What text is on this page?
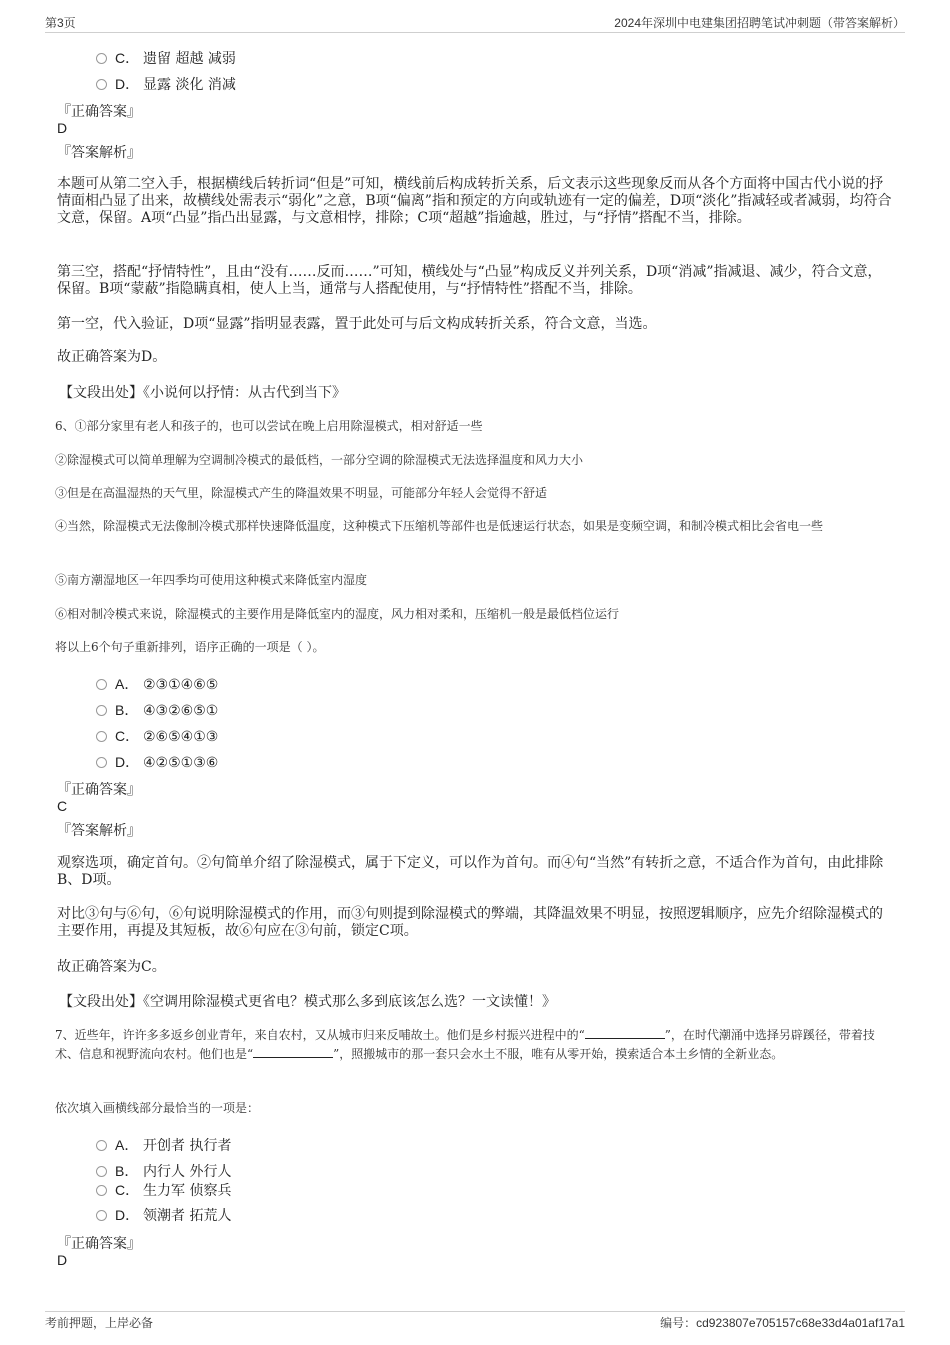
第3页	2024年深圳中电建集团招聘笔试冲刺题（带答案解析）
C． 遗留 超越 减弱
D． 显露 淡化 消减
『正确答案』
D
『答案解析』
本题可从第二空入手，根据横线后转折词“但是”可知，横线前后构成转折关系，后文表示这些现象反而从各个方面将中国古代小说的抒情面相凸显了出来，故横线处需表示“弱化”之意，B项“偏离”指和预定的方向或轨迹有一定的偏差，D项“淡化”指减轻或者减弱，均符合文意，保留。A项“凸显”指凸出显露，与文意相悖，排除；C项“超越”指逾越，胜过，与“抒情”搭配不当，排除。
第三空，搭配“抒情特性”，且由“没有……反而……”可知，横线处与“凸显”构成反义并列关系，D项“消减”指减退、减少，符合文意，保留。B项“蒙蔽”指隐瞒真相，使人上当，通常与人搭配使用，与“抒情特性”搭配不当，排除。
第一空，代入验证，D项“显露”指明显表露，置于此处可与后文构成转折关系，符合文意，当选。
故正确答案为D。
【文段出处】《小说何以抒情：从古代到当下》
6、①部分家里有老人和孩子的，也可以尝试在晚上启用除湿模式，相对舒适一些
②除湿模式可以简单理解为空调制冷模式的最低档，一部分空调的除湿模式无法选择温度和风力大小
③但是在高温湿热的天气里，除湿模式产生的降温效果不明显，可能部分年轻人会觉得不舒适
④当然，除湿模式无法像制冷模式那样快速降低温度，这种模式下压缩机等部件也是低速运行状态，如果是变频空调，和制冷模式相比会省电一些
⑤南方潮湿地区一年四季均可使用这种模式来降低室内湿度
⑥相对制冷模式来说，除湿模式的主要作用是降低室内的湿度，风力相对柔和，压缩机一般是最低档位运行
将以上6个句子重新排列，语序正确的一项是（ ）。
A． ②③①④⑥⑤
B． ④③②⑥⑤①
C． ②⑥⑤④①③
D． ④②⑤①③⑥
『正确答案』
C
『答案解析』
观察选项，确定首句。②句简单介绍了除湿模式，属于下定义，可以作为首句。而④句“当然”有转折之意，不适合作为首句，由此排除B、D项。
对比③句与⑥句，⑥句说明除湿模式的作用，而③句则提到除湿模式的弊端，其降温效果不明显，按照逻辑顺序，应先介绍除湿模式的主要作用，再提及其短板，故⑥句应在③句前，锁定C项。
故正确答案为C。
【文段出处】《空调用除湿模式更省电？模式那么多到底该怎么选？一文读懂！》
7、近些年，许许多多返乡创业青年，来自农村，又从城市归来反哺故土。他们是乡村振兴进程中的“	”，在时代潮涌中选择另辟蹊径，带着技术、信息和视野流向农村。他们也是“	”，照搬城市的那一套只会水土不服，唯有从零开始，摸索适合本土乡情的全新业态。
依次填入画横线部分最恰当的一项是：
A． 开创者 执行者
B． 内行人 外行人
C． 生力军 侦察兵
D． 领潮者 拓荒人
『正确答案』
D
考前押题，上岸必备	编号：cd923807e705157c68e33d4a01af17a1
